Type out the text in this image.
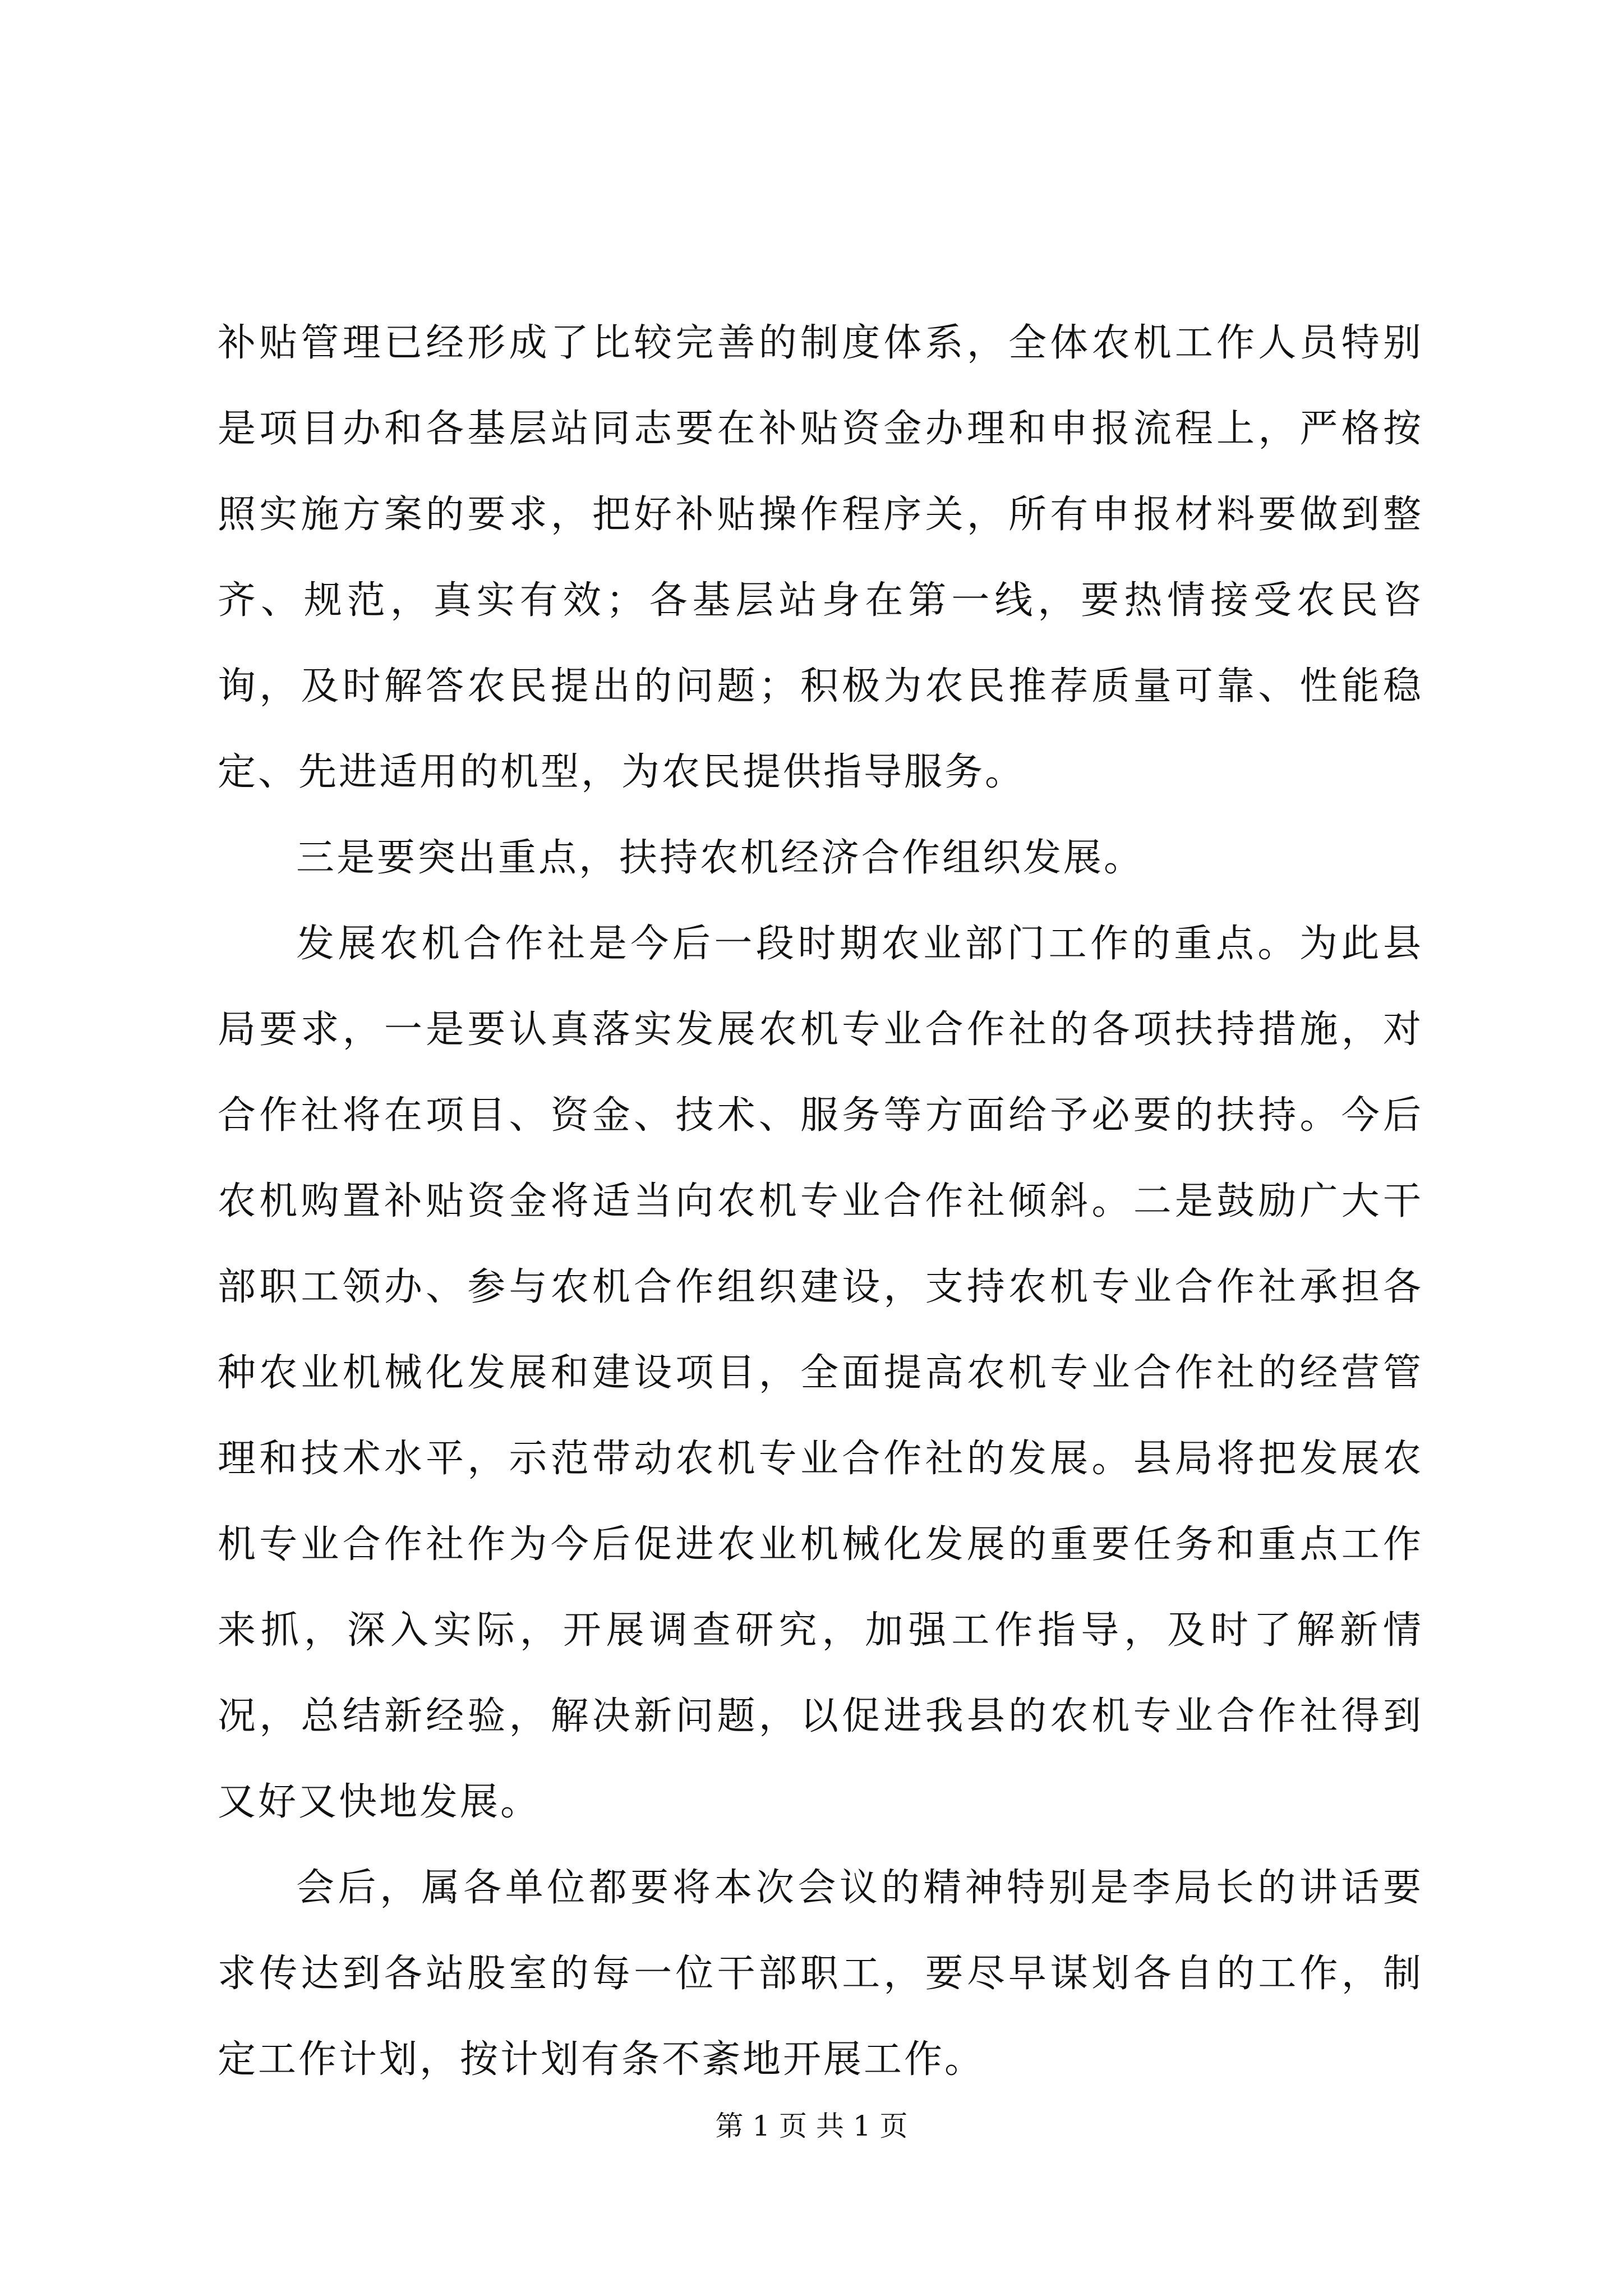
补贴管理已经形成了比较完善的制度体系，全体农机工作人员特别是项目办和各基层站同志要在补贴资金办理和申报流程上，严格按照实施方案的要求，把好补贴操作程序关，所有申报材料要做到整齐、规范，真实有效；各基层站身在第一线，要热情接受农民咨询，及时解答农民提出的问题；积极为农民推荐质量可靠、性能稳定、先进适用的机型，为农民提供指导服务。

三是要突出重点，扶持农机经济合作组织发展。

发展农机合作社是今后一段时期农业部门工作的重点。为此县局要求，一是要认真落实发展农机专业合作社的各项扶持措施，对合作社将在项目、资金、技术、服务等方面给予必要的扶持。今后农机购置补贴资金将适当向农机专业合作社倾斜。二是鼓励广大干部职工领办、参与农机合作组织建设，支持农机专业合作社承担各种农业机械化发展和建设项目，全面提高农机专业合作社的经营管理和技术水平，示范带动农机专业合作社的发展。县局将把发展农机专业合作社作为今后促进农业机械化发展的重要任务和重点工作来抓，深入实际，开展调查研究，加强工作指导，及时了解新情况，总结新经验，解决新问题，以促进我县的农机专业合作社得到又好又快地发展。

会后，属各单位都要将本次会议的精神特别是李局长的讲话要求传达到各站股室的每一位干部职工，要尽早谋划各自的工作，制定工作计划，按计划有条不紊地开展工作。

第 1 页 共 1 页
